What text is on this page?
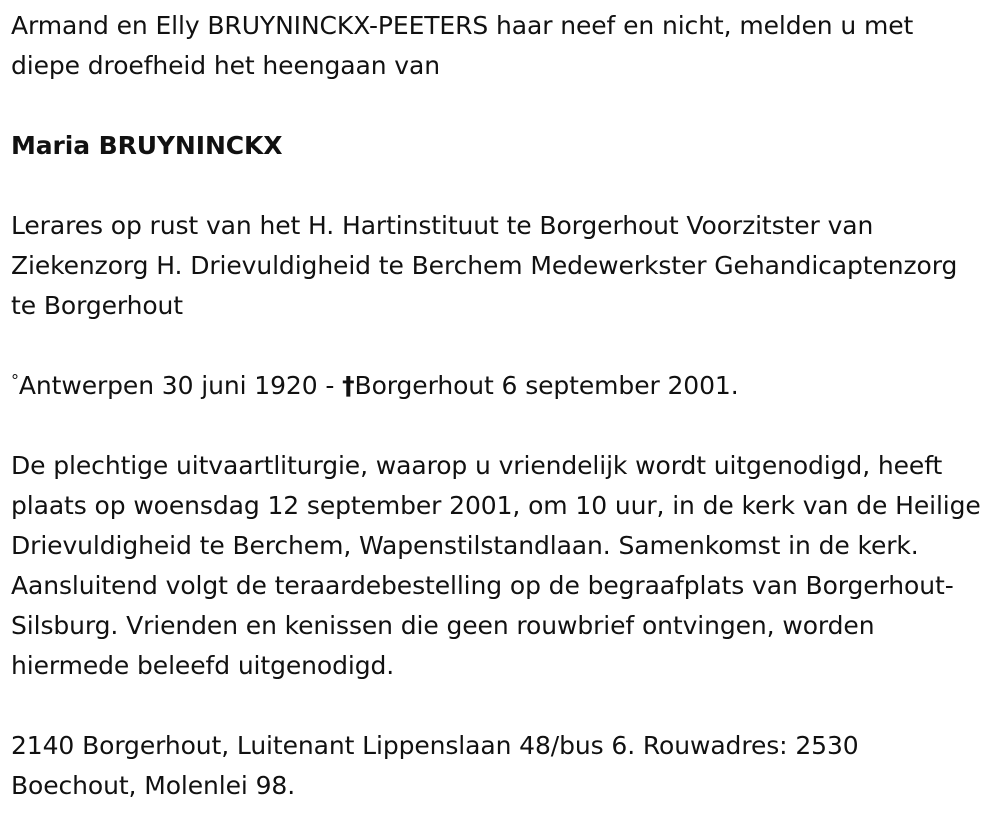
Armand en Elly BRUYNINCKX-PEETERS haar neef en nicht, melden u met diepe droefheid het heengaan van

Maria BRUYNINCKX

Lerares op rust van het H. Hartinstituut te Borgerhout Voorzitster van Ziekenzorg H. Drievuldigheid te Berchem Medewerkster Gehandicaptenzorg te Borgerhout

°Antwerpen 30 juni 1920 - †Borgerhout 6 september 2001.

De plechtige uitvaartliturgie, waarop u vriendelijk wordt uitgenodigd, heeft plaats op woensdag 12 september 2001, om 10 uur, in de kerk van de Heilige Drievuldigheid te Berchem, Wapenstilstandlaan. Samenkomst in de kerk. Aansluitend volgt de teraardebestelling op de begraafplats van Borgerhout-Silsburg. Vrienden en kenissen die geen rouwbrief ontvingen, worden hiermede beleefd uitgenodigd.

2140 Borgerhout, Luitenant Lippenslaan 48/bus 6. Rouwadres: 2530 Boechout, Molenlei 98.
